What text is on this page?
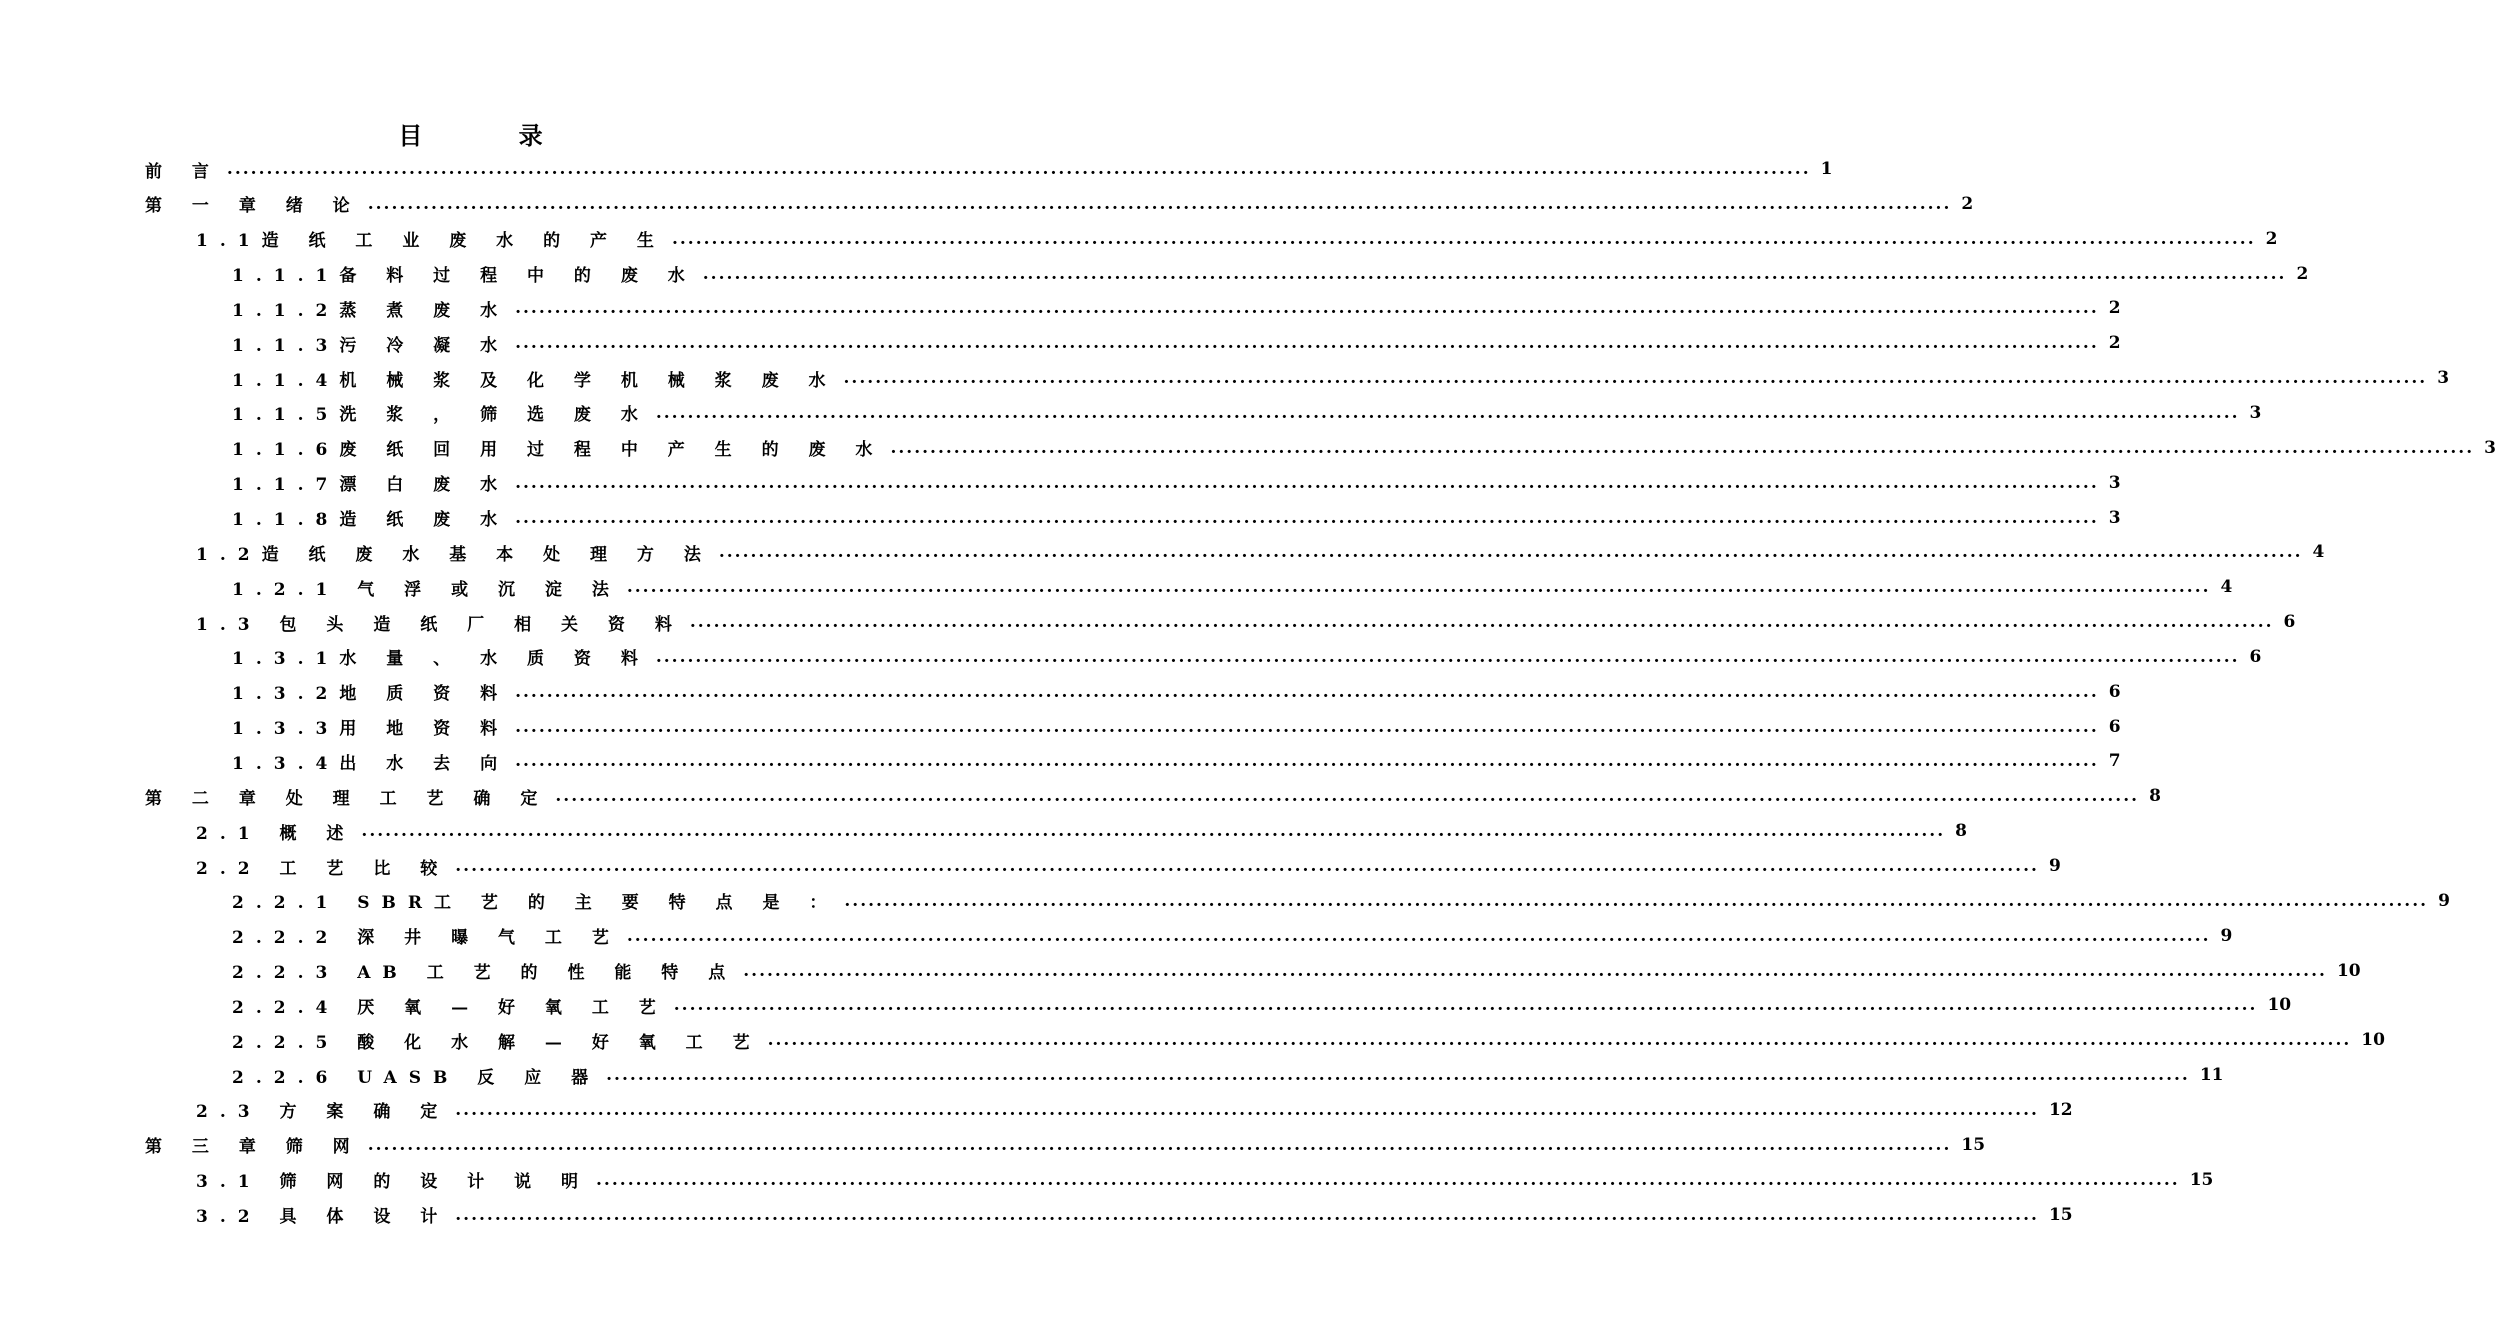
目 录
前 言 ........................................................................................................................................................................................................ 1
第 一 章 绪 论 ........................................................................................................................................................................................................ 2
1.1造 纸 工 业 废 水 的 产 生 ........................................................................................................................................................................................................ 2
1.1.1备 料 过 程 中 的 废 水 ........................................................................................................................................................................................................ 2
1.1.2蒸 煮 废 水 ........................................................................................................................................................................................................ 2
1.1.3污 冷 凝 水 ........................................................................................................................................................................................................ 2
1.1.4机 械 浆 及 化 学 机 械 浆 废 水 ........................................................................................................................................................................................................ 3
1.1.5洗 浆 ， 筛 选 废 水 ........................................................................................................................................................................................................ 3
1.1.6废 纸 回 用 过 程 中 产 生 的 废 水 ........................................................................................................................................................................................................ 3
1.1.7漂 白 废 水 ........................................................................................................................................................................................................ 3
1.1.8造 纸 废 水 ........................................................................................................................................................................................................ 3
1.2造 纸 废 水 基 本 处 理 方 法 ........................................................................................................................................................................................................ 4
1.2.1 气 浮 或 沉 淀 法 ........................................................................................................................................................................................................ 4
1.3 包 头 造 纸 厂 相 关 资 料 ........................................................................................................................................................................................................ 6
1.3.1水 量 、 水 质 资 料 ........................................................................................................................................................................................................ 6
1.3.2地 质 资 料 ........................................................................................................................................................................................................ 6
1.3.3用 地 资 料 ........................................................................................................................................................................................................ 6
1.3.4出 水 去 向 ........................................................................................................................................................................................................ 7
第 二 章 处 理 工 艺 确 定 ........................................................................................................................................................................................................ 8
2.1 概 述 ........................................................................................................................................................................................................ 8
2.2 工 艺 比 较 ........................................................................................................................................................................................................ 9
2.2.1 SBR工 艺 的 主 要 特 点 是 ： ........................................................................................................................................................................................................ 9
2.2.2 深 井 曝 气 工 艺 ........................................................................................................................................................................................................ 9
2.2.3 AB 工 艺 的 性 能 特 点 ........................................................................................................................................................................................................ 10
2.2.4 厌 氧 — 好 氧 工 艺 ........................................................................................................................................................................................................ 10
2.2.5 酸 化 水 解 — 好 氧 工 艺 ........................................................................................................................................................................................................ 10
2.2.6 UASB 反 应 器 ........................................................................................................................................................................................................ 11
2.3 方 案 确 定 ........................................................................................................................................................................................................ 12
第 三 章 筛 网 ........................................................................................................................................................................................................ 15
3.1 筛 网 的 设 计 说 明 ........................................................................................................................................................................................................ 15
3.2 具 体 设 计 ........................................................................................................................................................................................................ 15
